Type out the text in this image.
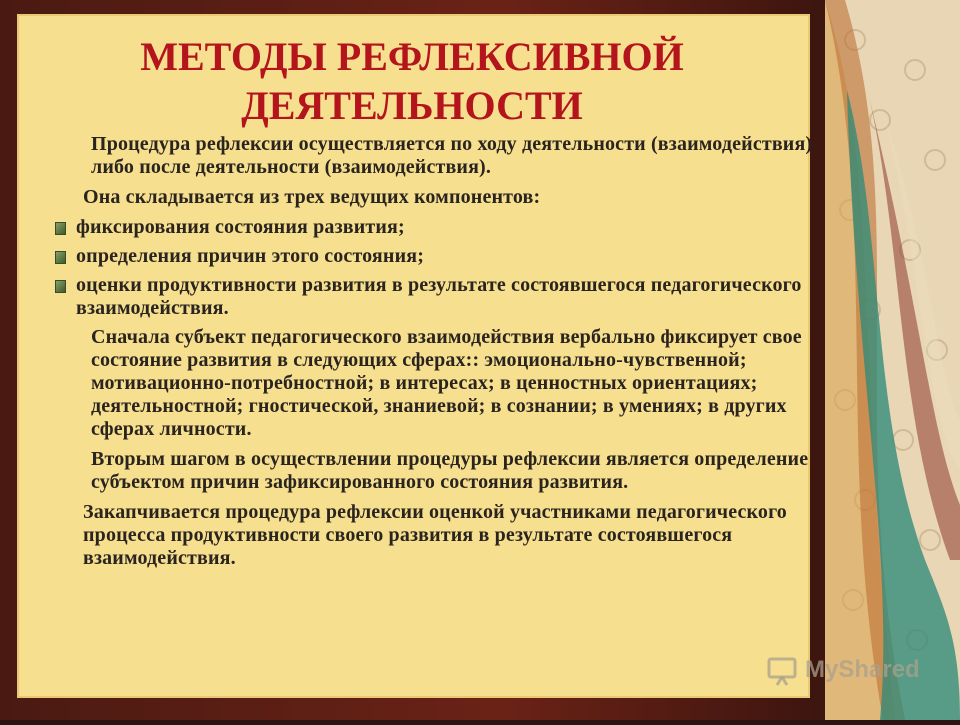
МЕТОДЫ РЕФЛЕКСИВНОЙ ДЕЯТЕЛЬНОСТИ

Процедура рефлексии осуществляется по ходу деятельности (взаимодействия) либо после деятельности (взаимодействия).

Она складывается из трех ведущих компонентов:

фиксирования состояния развития;
определения причин этого состояния;
оценки продуктивности развития в результате состоявшегося педагогического взаимодействия.

Сначала субъект педагогического взаимодействия вербально фиксирует свое состояние развития в следующих сферах:: эмоционально-чувственной; мотивационно-потребностной; в интересах; в ценностных ориентациях; деятельностной; гностической, знаниевой; в сознании; в умениях; в других сферах личности.

Вторым шагом в осуществлении процедуры рефлексии является определение субъектом причин зафиксированного состояния развития.

Закапчивается процедура рефлексии оценкой участниками педагогического процесса продуктивности своего развития в результате состоявшегося взаимодействия.

MyShared
